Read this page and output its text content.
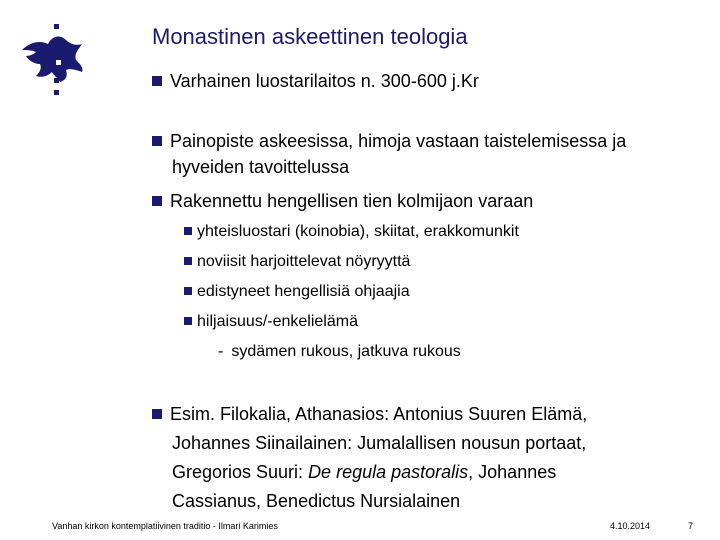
Monastinen askeettinen teologia
Varhainen luostarilaitos n. 300-600 j.Kr
Painopiste askeesissa, himoja vastaan taistelemisessa ja
hyveiden tavoittelussa
Rakennettu hengellisen tien kolmijaon varaan
yhteisluostari (koinobia), skiitat, erakkomunkit
noviisit harjoittelevat nöyryyttä
edistyneet hengellisiä ohjaajia
hiljaisuus/-enkelielämä
- sydämen rukous, jatkuva rukous
Esim. Filokalia, Athanasios: Antonius Suuren Elämä,
Johannes Siinailainen: Jumalallisen nousun portaat,
Gregorios Suuri: De regula pastoralis, Johannes
Cassianus, Benedictus Nursialainen
Vanhan kirkon kontemplatiivinen traditio - Ilmari Karimies	4.10.2014	7
